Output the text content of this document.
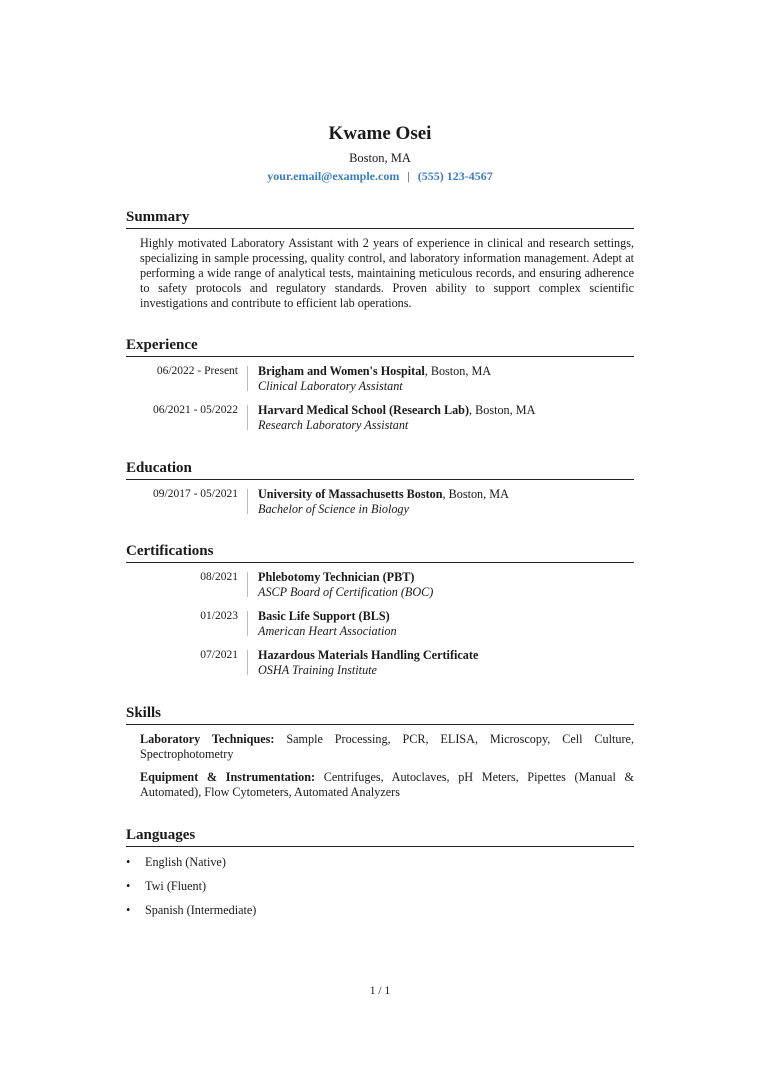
Kwame Osei
Boston, MA
your.email@example.com | (555) 123-4567
Summary
Highly motivated Laboratory Assistant with 2 years of experience in clinical and research settings, specializing in sample processing, quality control, and laboratory information management. Adept at performing a wide range of analytical tests, maintaining meticulous records, and ensuring adherence to safety protocols and regulatory standards. Proven ability to support complex scientific investigations and contribute to efficient lab operations.
Experience
06/2022 - Present Brigham and Women's Hospital, Boston, MA
Clinical Laboratory Assistant
06/2021 - 05/2022 Harvard Medical School (Research Lab), Boston, MA
Research Laboratory Assistant
Education
09/2017 - 05/2021 University of Massachusetts Boston, Boston, MA
Bachelor of Science in Biology
Certifications
08/2021 Phlebotomy Technician (PBT)
ASCP Board of Certification (BOC)
01/2023 Basic Life Support (BLS)
American Heart Association
07/2021 Hazardous Materials Handling Certificate
OSHA Training Institute
Skills
Laboratory Techniques: Sample Processing, PCR, ELISA, Microscopy, Cell Culture, Spectrophotometry
Equipment & Instrumentation: Centrifuges, Autoclaves, pH Meters, Pipettes (Manual & Automated), Flow Cytometers, Automated Analyzers
Languages
• English (Native)
• Twi (Fluent)
• Spanish (Intermediate)
1 / 1
